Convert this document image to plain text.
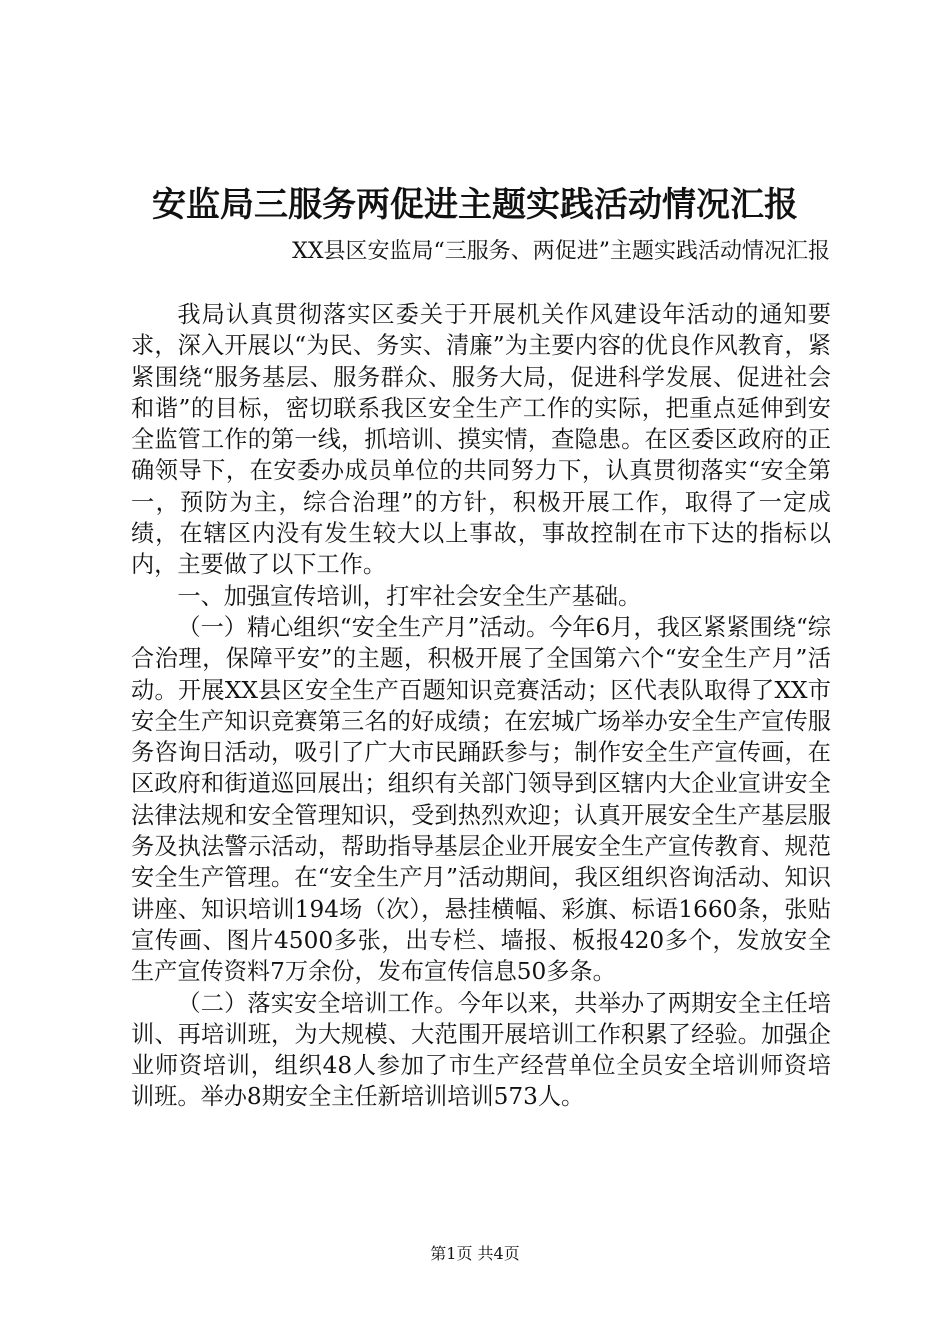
安监局三服务两促进主题实践活动情况汇报

XX县区安监局“三服务、两促进”主题实践活动情况汇报

我局认真贯彻落实区委关于开展机关作风建设年活动的通知要求，深入开展以“为民、务实、清廉”为主要内容的优良作风教育，紧紧围绕“服务基层、服务群众、服务大局，促进科学发展、促进社会和谐”的目标，密切联系我区安全生产工作的实际，把重点延伸到安全监管工作的第一线，抓培训、摸实情，查隐患。在区委区政府的正确领导下，在安委办成员单位的共同努力下，认真贯彻落实“安全第一，预防为主，综合治理”的方针，积极开展工作，取得了一定成绩，在辖区内没有发生较大以上事故，事故控制在市下达的指标以内，主要做了以下工作。

一、加强宣传培训，打牢社会安全生产基础。

（一）精心组织“安全生产月”活动。今年6月，我区紧紧围绕“综合治理，保障平安”的主题，积极开展了全国第六个“安全生产月”活动。开展XX县区安全生产百题知识竞赛活动；区代表队取得了XX市安全生产知识竞赛第三名的好成绩；在宏城广场举办安全生产宣传服务咨询日活动，吸引了广大市民踊跃参与；制作安全生产宣传画，在区政府和街道巡回展出；组织有关部门领导到区辖内大企业宣讲安全法律法规和安全管理知识，受到热烈欢迎；认真开展安全生产基层服务及执法警示活动，帮助指导基层企业开展安全生产宣传教育、规范安全生产管理。在“安全生产月”活动期间，我区组织咨询活动、知识讲座、知识培训194场（次），悬挂横幅、彩旗、标语1660条，张贴宣传画、图片4500多张，出专栏、墙报、板报420多个，发放安全生产宣传资料7万余份，发布宣传信息50多条。

（二）落实安全培训工作。今年以来，共举办了两期安全主任培训、再培训班，为大规模、大范围开展培训工作积累了经验。加强企业师资培训，组织48人参加了市生产经营单位全员安全培训师资培训班。举办8期安全主任新培训培训573人。

第1页 共4页
